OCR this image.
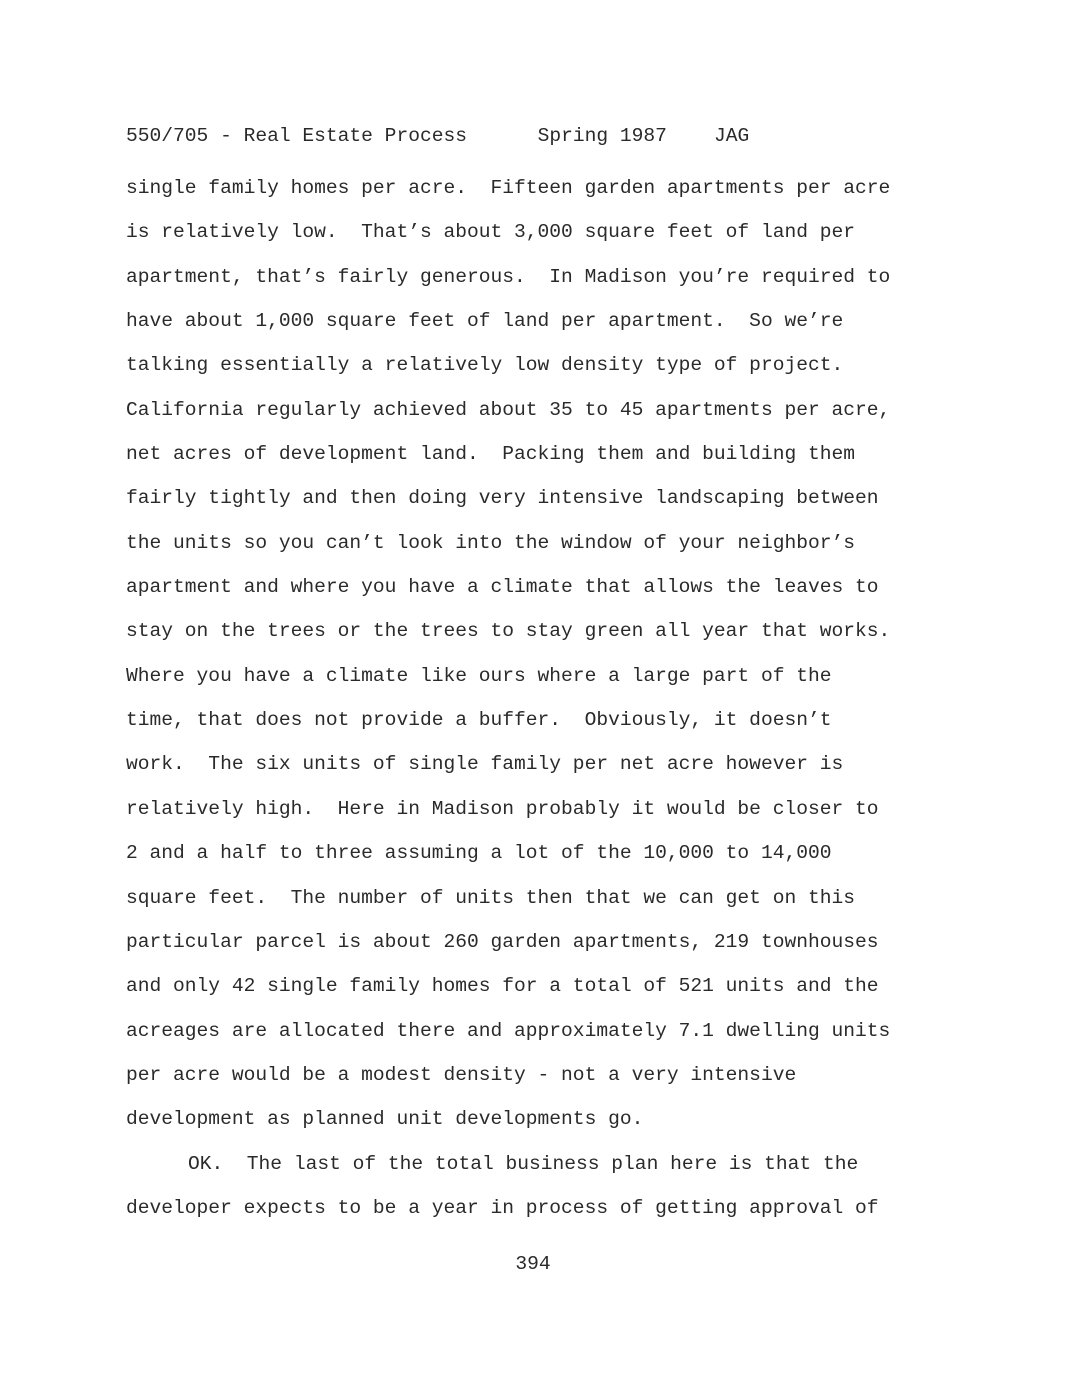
550/705 - Real Estate Process	Spring 1987 JAG
single family homes per acre.  Fifteen garden apartments per acre
is relatively low.  That’s about 3,000 square feet of land per
apartment, that’s fairly generous.  In Madison you’re required to
have about 1,000 square feet of land per apartment.  So we’re
talking essentially a relatively low density type of project.
California regularly achieved about 35 to 45 apartments per acre,
net acres of development land.  Packing them and building them
fairly tightly and then doing very intensive landscaping between
the units so you can’t look into the window of your neighbor’s
apartment and where you have a climate that allows the leaves to
stay on the trees or the trees to stay green all year that works.
Where you have a climate like ours where a large part of the
time, that does not provide a buffer.  Obviously, it doesn’t
work.  The six units of single family per net acre however is
relatively high.  Here in Madison probably it would be closer to
2 and a half to three assuming a lot of the 10,000 to 14,000
square feet.  The number of units then that we can get on this
particular parcel is about 260 garden apartments, 219 townhouses
and only 42 single family homes for a total of 521 units and the
acreages are allocated there and approximately 7.1 dwelling units
per acre would be a modest density - not a very intensive
development as planned unit developments go.
OK.  The last of the total business plan here is that the
developer expects to be a year in process of getting approval of
394
